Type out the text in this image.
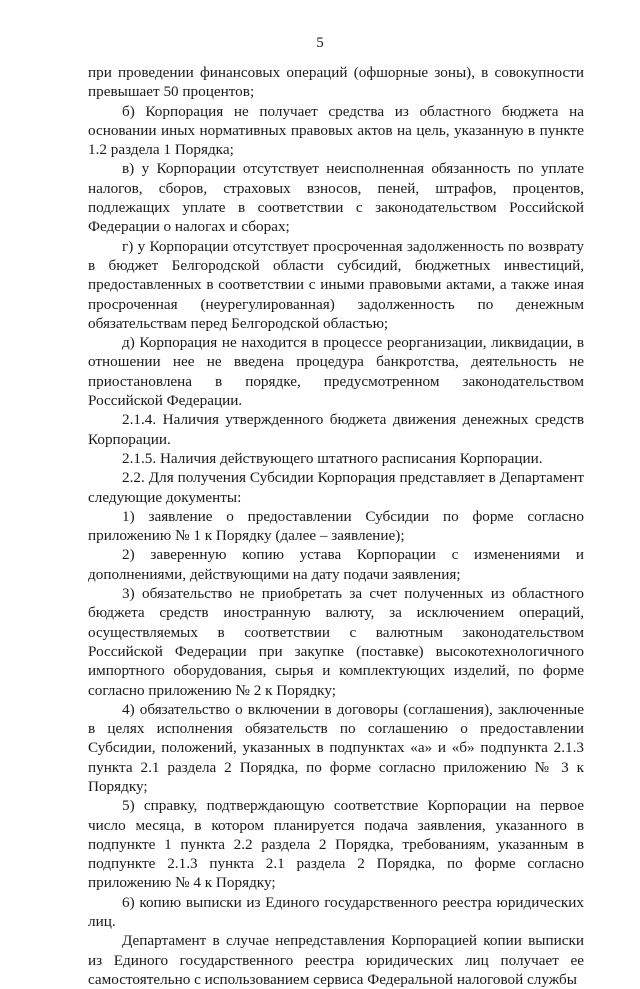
5

при проведении финансовых операций (офшорные зоны), в совокупности превышает 50 процентов;

б) Корпорация не получает средства из областного бюджета на основании иных нормативных правовых актов на цель, указанную в пункте 1.2 раздела 1 Порядка;

в) у Корпорации отсутствует неисполненная обязанность по уплате налогов, сборов, страховых взносов, пеней, штрафов, процентов, подлежащих уплате в соответствии с законодательством Российской Федерации о налогах и сборах;

г) у Корпорации отсутствует просроченная задолженность по возврату в бюджет Белгородской области субсидий, бюджетных инвестиций, предоставленных в соответствии с иными правовыми актами, а также иная просроченная (неурегулированная) задолженность по денежным обязательствам перед Белгородской областью;

д) Корпорация не находится в процессе реорганизации, ликвидации, в отношении нее не введена процедура банкротства, деятельность не приостановлена в порядке, предусмотренном законодательством Российской Федерации.

2.1.4. Наличия утвержденного бюджета движения денежных средств Корпорации.

2.1.5. Наличия действующего штатного расписания Корпорации.

2.2. Для получения Субсидии Корпорация представляет в Департамент следующие документы:

1) заявление о предоставлении Субсидии по форме согласно приложению № 1 к Порядку (далее – заявление);

2) заверенную копию устава Корпорации с изменениями и дополнениями, действующими на дату подачи заявления;

3) обязательство не приобретать за счет полученных из областного бюджета средств иностранную валюту, за исключением операций, осуществляемых в соответствии с валютным законодательством Российской Федерации при закупке (поставке) высокотехнологичного импортного оборудования, сырья и комплектующих изделий, по форме согласно приложению № 2 к Порядку;

4) обязательство о включении в договоры (соглашения), заключенные в целях исполнения обязательств по соглашению о предоставлении Субсидии, положений, указанных в подпунктах «а» и «б» подпункта 2.1.3 пункта 2.1 раздела 2 Порядка, по форме согласно приложению № 3 к Порядку;

5) справку, подтверждающую соответствие Корпорации на первое число месяца, в котором планируется подача заявления, указанного в подпункте 1 пункта 2.2 раздела 2 Порядка, требованиям, указанным в подпункте 2.1.3 пункта 2.1 раздела 2 Порядка, по форме согласно приложению № 4 к Порядку;

6) копию выписки из Единого государственного реестра юридических лиц.

Департамент в случае непредставления Корпорацией копии выписки из Единого государственного реестра юридических лиц получает ее самостоятельно с использованием сервиса Федеральной налоговой службы
